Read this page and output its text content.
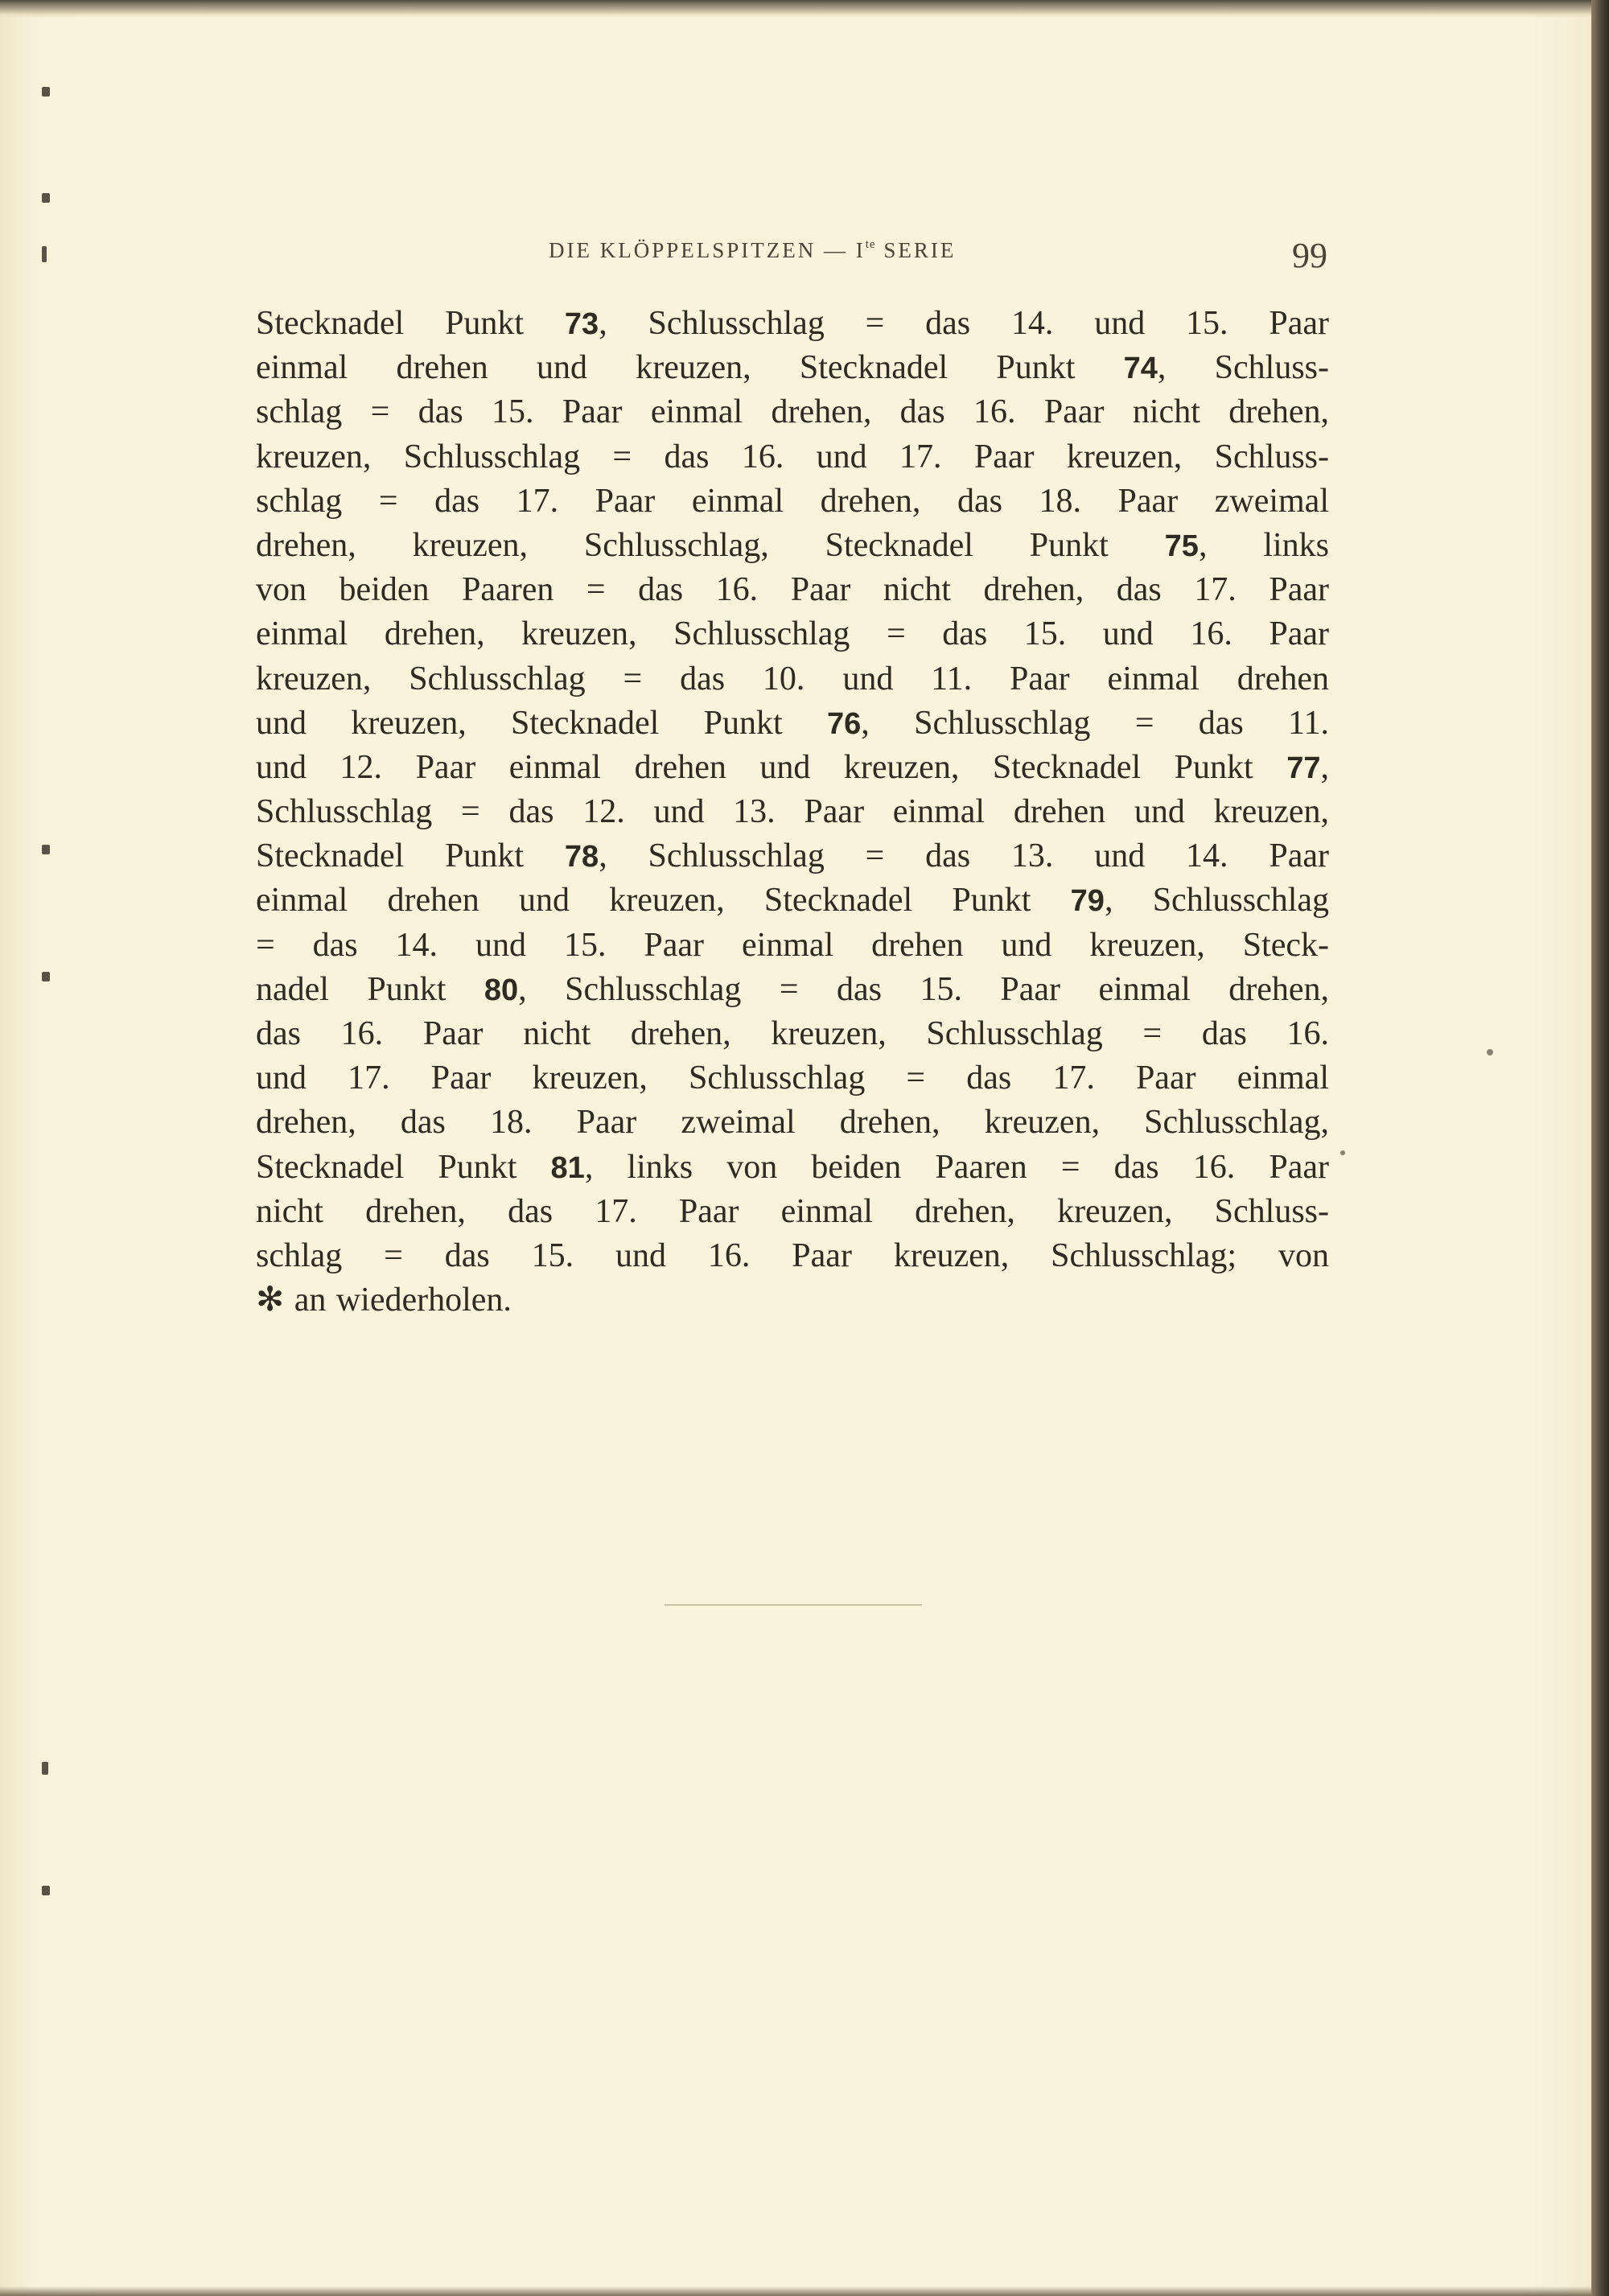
DIE KLÖPPELSPITZEN — $I^{te}$ SERIE	99
Stecknadel Punkt 73, Schlusschlag = das 14. und 15. Paar
einmal drehen und kreuzen, Stecknadel Punkt 74, Schluss-
schlag = das 15. Paar einmal drehen, das 16. Paar nicht drehen,
kreuzen, Schlusschlag = das 16. und 17. Paar kreuzen, Schluss-
schlag = das 17. Paar einmal drehen, das 18. Paar zweimal
drehen, kreuzen, Schlusschlag, Stecknadel Punkt 75, links
von beiden Paaren = das 16. Paar nicht drehen, das 17. Paar
einmal drehen, kreuzen, Schlusschlag = das 15. und 16. Paar
kreuzen, Schlusschlag = das 10. und 11. Paar einmal drehen
und kreuzen, Stecknadel Punkt 76, Schlusschlag = das 11.
und 12. Paar einmal drehen und kreuzen, Stecknadel Punkt 77,
Schlusschlag = das 12. und 13. Paar einmal drehen und kreuzen,
Stecknadel Punkt 78, Schlusschlag = das 13. und 14. Paar
einmal drehen und kreuzen, Stecknadel Punkt 79, Schlusschlag
= das 14. und 15. Paar einmal drehen und kreuzen, Steck-
nadel Punkt 80, Schlusschlag = das 15. Paar einmal drehen,
das 16. Paar nicht drehen, kreuzen, Schlusschlag = das 16.
und 17. Paar kreuzen, Schlusschlag = das 17. Paar einmal
drehen, das 18. Paar zweimal drehen, kreuzen, Schlusschlag,
Stecknadel Punkt 81, links von beiden Paaren = das 16. Paar
nicht drehen, das 17. Paar einmal drehen, kreuzen, Schluss-
schlag = das 15. und 16. Paar kreuzen, Schlusschlag; von
✻ an wiederholen.
